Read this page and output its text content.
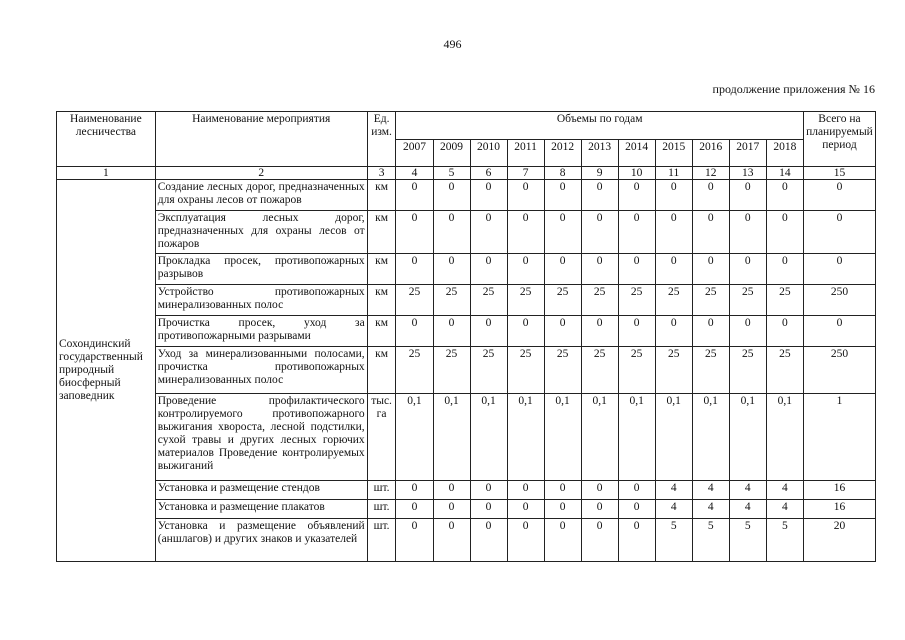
496
продолжение приложения № 16
Наименование лесничества	Наименование мероприятия	Ед. изм.	Объемы по годам											Всего на планируемый период
			2007	2009	2010	2011	2012	2013	2014	2015	2016	2017	2018	
1	2	3	4	5	6	7	8	9	10	11	12	13	14	15
Сохондинский государственный природный биосферный заповедник	Создание лесных дорог, предназначенных для охраны лесов от пожаров	км	0	0	0	0	0	0	0	0	0	0	0	0
	Эксплуатация лесных дорог, предназначенных для охраны лесов от пожаров	км	0	0	0	0	0	0	0	0	0	0	0	0
	Прокладка просек, противопожарных разрывов	км	0	0	0	0	0	0	0	0	0	0	0	0
	Устройство противопожарных минерализованных полос	км	25	25	25	25	25	25	25	25	25	25	25	250
	Прочистка просек, уход за противопожарными разрывами	км	0	0	0	0	0	0	0	0	0	0	0	0
	Уход за минерализованными полосами, прочистка противопожарных минерализованных полос	км	25	25	25	25	25	25	25	25	25	25	25	250
	Проведение профилактического контролируемого противопожарного выжигания хвороста, лесной подстилки, сухой травы и других лесных горючих материалов Проведение контролируемых выжиганий	тыс. га	0,1	0,1	0,1	0,1	0,1	0,1	0,1	0,1	0,1	0,1	0,1	1
	Установка и размещение стендов	шт.	0	0	0	0	0	0	0	4	4	4	4	16
	Установка и размещение плакатов	шт.	0	0	0	0	0	0	0	4	4	4	4	16
	Установка и размещение объявлений (аншлагов) и других знаков и указателей	шт.	0	0	0	0	0	0	0	5	5	5	5	20
